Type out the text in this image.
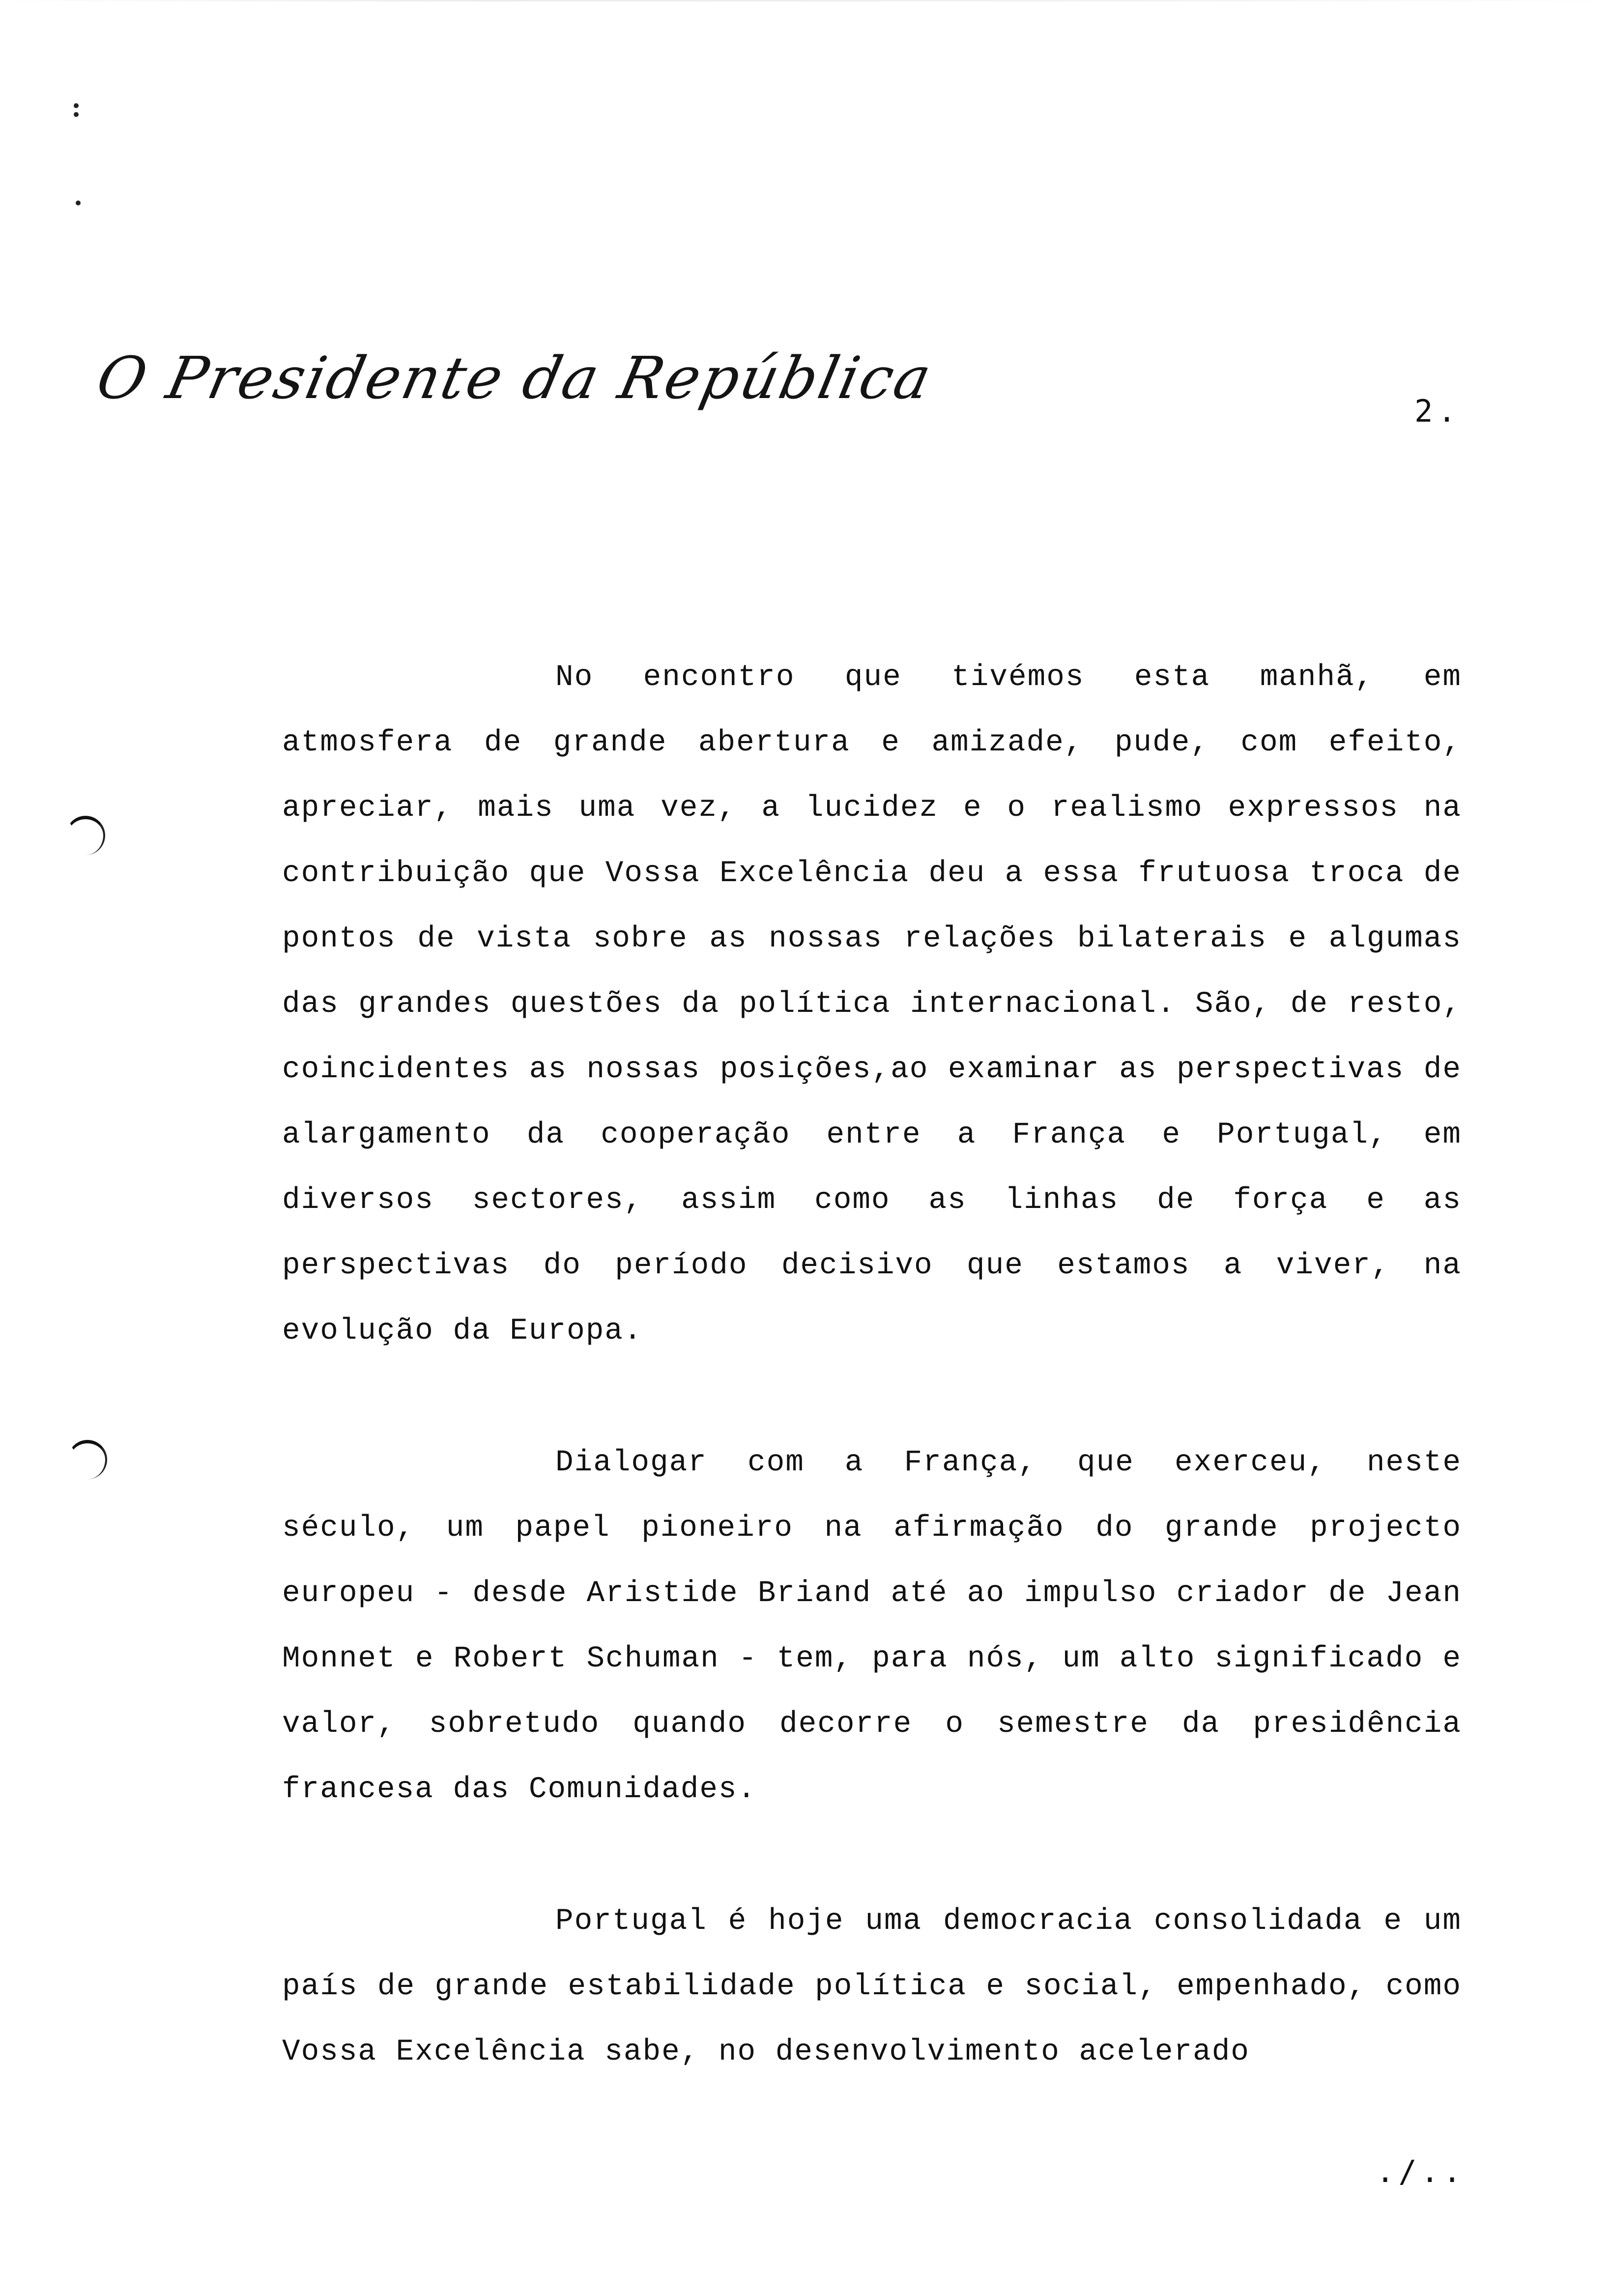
O Presidente da República	2.

No encontro que tivémos esta manhã, em atmosfera de grande abertura e amizade, pude, com efeito, apreciar, mais uma vez, a lucidez e o realismo expressos na contribuição que Vossa Excelência deu a essa frutuosa troca de pontos de vista sobre as nossas relações bilaterais e algumas das grandes questões da política internacional. São, de resto, coincidentes as nossas posições,ao examinar as perspectivas de alargamento da cooperação entre a França e Portugal, em diversos sectores, assim como as linhas de força e as perspectivas do período decisivo que estamos a viver, na evolução da Europa.

Dialogar com a França, que exerceu, neste século, um papel pioneiro na afirmação do grande projecto europeu - desde Aristide Briand até ao impulso criador de Jean Monnet e Robert Schuman - tem, para nós, um alto significado e valor, sobretudo quando decorre o semestre da presidência francesa das Comunidades.

Portugal é hoje uma democracia consolidada e um país de grande estabilidade política e social, empenhado, como Vossa Excelência sabe, no desenvolvimento acelerado

./..
